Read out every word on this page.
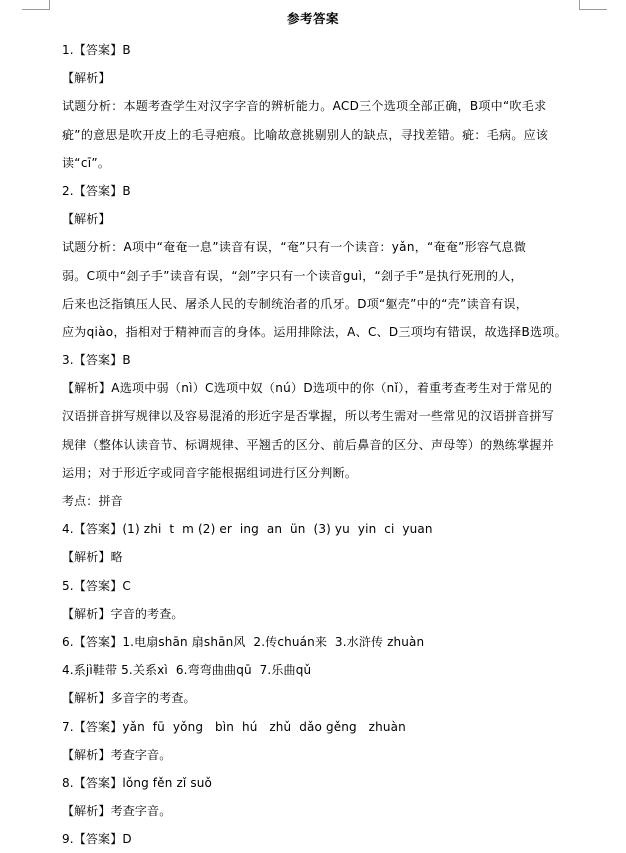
参考答案
1.【答案】B
【解析】
试题分析：本题考查学生对汉字字音的辨析能力。ACD三个选项全部正确，B项中“吹毛求
疵”的意思是吹开皮上的毛寻疤痕。比喻故意挑剔别人的缺点，寻找差错。疵：毛病。应该
读“cī”。
2.【答案】B
【解析】
试题分析：A项中“奄奄一息”读音有误，“奄”只有一个读音：yǎn，“奄奄”形容气息微
弱。C项中“刽子手”读音有误，“刽”字只有一个读音guì，“刽子手”是执行死刑的人，
后来也泛指镇压人民、屠杀人民的专制统治者的爪牙。D项“躯壳”中的“壳”读音有误，
应为qiào，指相对于精神而言的身体。运用排除法，A、C、D三项均有错误，故选择B选项。
3.【答案】B
【解析】A选项中弱（nì）C选项中奴（nú）D选项中的你（nǐ），着重考查考生对于常见的
汉语拼音拼写规律以及容易混淆的形近字是否掌握，所以考生需对一些常见的汉语拼音拼写
规律（整体认读音节、标调规律、平翘舌的区分、前后鼻音的区分、声母等）的熟练掌握并
运用；对于形近字或同音字能根据组词进行区分判断。
考点：拼音
4.【答案】(1) zhi  t  m (2) er  ing  an  ün  (3) yu  yin  ci  yuan
【解析】略
5.【答案】C
【解析】字音的考查。
6.【答案】1.电扇shān 扇shān风  2.传chuán来  3.水浒传 zhuàn
4.系jì鞋带 5.关系xì  6.弯弯曲曲qū  7.乐曲qǔ
【解析】多音字的考查。
7.【答案】yǎn  fū  yǒng   bìn  hú   zhǔ  dǎo gěng   zhuàn
【解析】考查字音。
8.【答案】lǒng fěn zǐ suǒ
【解析】考查字音。
9.【答案】D
